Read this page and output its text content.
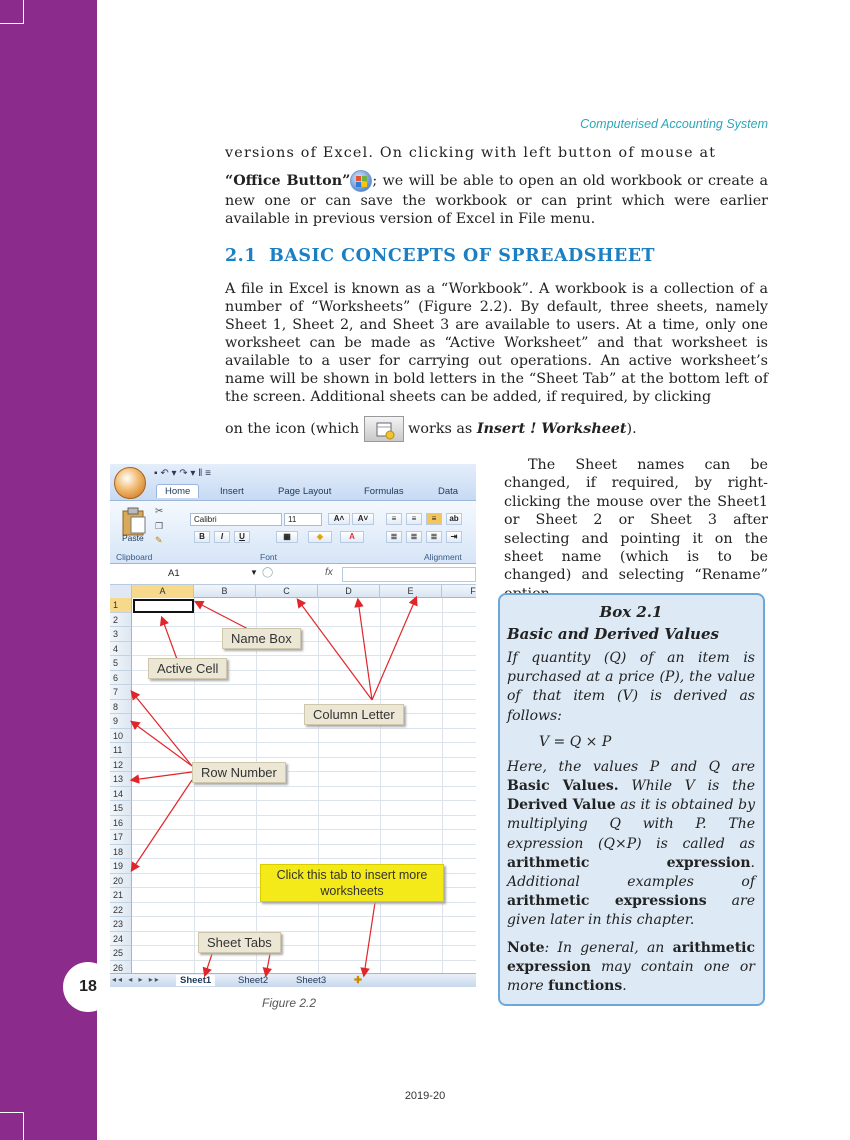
18
Computerised Accounting System
versions of Excel. On clicking with left button of mouse at
“Office Button” ; we will be able to open an old workbook or create a new one or can save the workbook or can print which were earlier available in previous version of Excel in File menu.
2.1 BASIC CONCEPTS OF SPREADSHEET
A file in Excel is known as a “Workbook”. A workbook is a collection of a number of “Worksheets” (Figure 2.2). By default, three sheets, namely Sheet 1, Sheet 2, and Sheet 3 are available to users. At a time, only one worksheet can be made as “Active Worksheet” and that worksheet is available to a user for carrying out operations. An active worksheet’s name will be shown in bold letters in the “Sheet Tab” at the bottom left of the screen. Additional sheets can be added, if required, by clicking
on the icon (which	works as Insert ! Worksheet).
▪ ↶ ▾ ↷ ▾ ‖ ≡
Home	Insert	Page Layout	Formulas	Data
Paste
✂
❐
✎
Calibri	11	A˄	A˅
B	I	U	▦	◈	A
≡	≡	≡	ab
≣	≣	≣	⇥
Clipboard	Font	Alignment
A1	▼ ◯	fx
A	B	C	D	E	F
1
2
3
4
5
6
7
8
9
10
11
12
13
14
15
16
17
18
19
20
21
22
23
24
25
26
◂◂ ◂ ▸ ▸▸	Sheet1	Sheet2	Sheet3	✚
Name Box
Active Cell
Column Letter
Row Number
Click this tab to insert more worksheets
Sheet Tabs
Figure 2.2
The Sheet names can be changed, if required, by right-clicking the mouse over the Sheet1 or Sheet 2 or Sheet 3 after selecting and pointing it on the sheet name (which is to be changed) and selecting “Rename”
Box 2.1
Basic and Derived Values

If quantity (Q) of an item is purchased at a price (P), the value of that item (V) is derived as follows:

V = Q × P

Here, the values P and Q are Basic Values. While V is the Derived Value as it is obtained by multiplying Q with P. The expression (Q×P) is called as arithmetic expression. Additional examples of arithmetic expressions are given later in this chapter.

Note: In general, an arithmetic expression may contain one or more functions.

2019-20
